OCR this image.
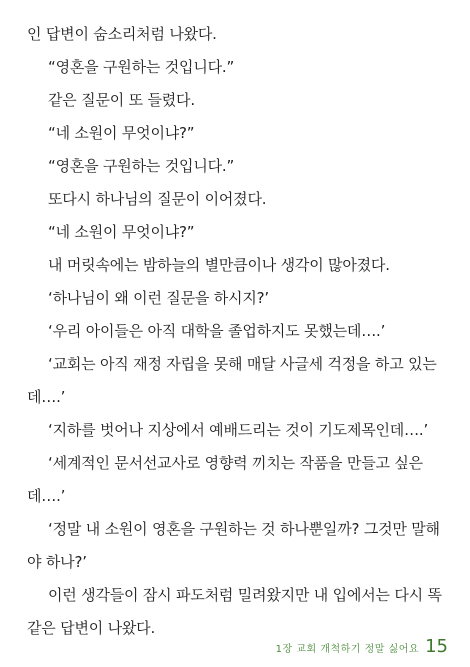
인 답변이 숨소리처럼 나왔다.
“영혼을 구원하는 것입니다.”
같은 질문이 또 들렸다.
“네 소원이 무엇이냐?”
“영혼을 구원하는 것입니다.”
또다시 하나님의 질문이 이어졌다.
“네 소원이 무엇이냐?”
내 머릿속에는 밤하늘의 별만큼이나 생각이 많아졌다.
‘하나님이 왜 이런 질문을 하시지?’
‘우리 아이들은 아직 대학을 졸업하지도 못했는데….’
‘교회는 아직 재정 자립을 못해 매달 사글세 걱정을 하고 있는
데….’
‘지하를 벗어나 지상에서 예배드리는 것이 기도제목인데….’
‘세계적인 문서선교사로 영향력 끼치는 작품을 만들고 싶은
데….’
‘정말 내 소원이 영혼을 구원하는 것 하나뿐일까? 그것만 말해
야 하나?’
이런 생각들이 잠시 파도처럼 밀려왔지만 내 입에서는 다시 똑
같은 답변이 나왔다.
1장 교회 개척하기 정말 싫어요 15
